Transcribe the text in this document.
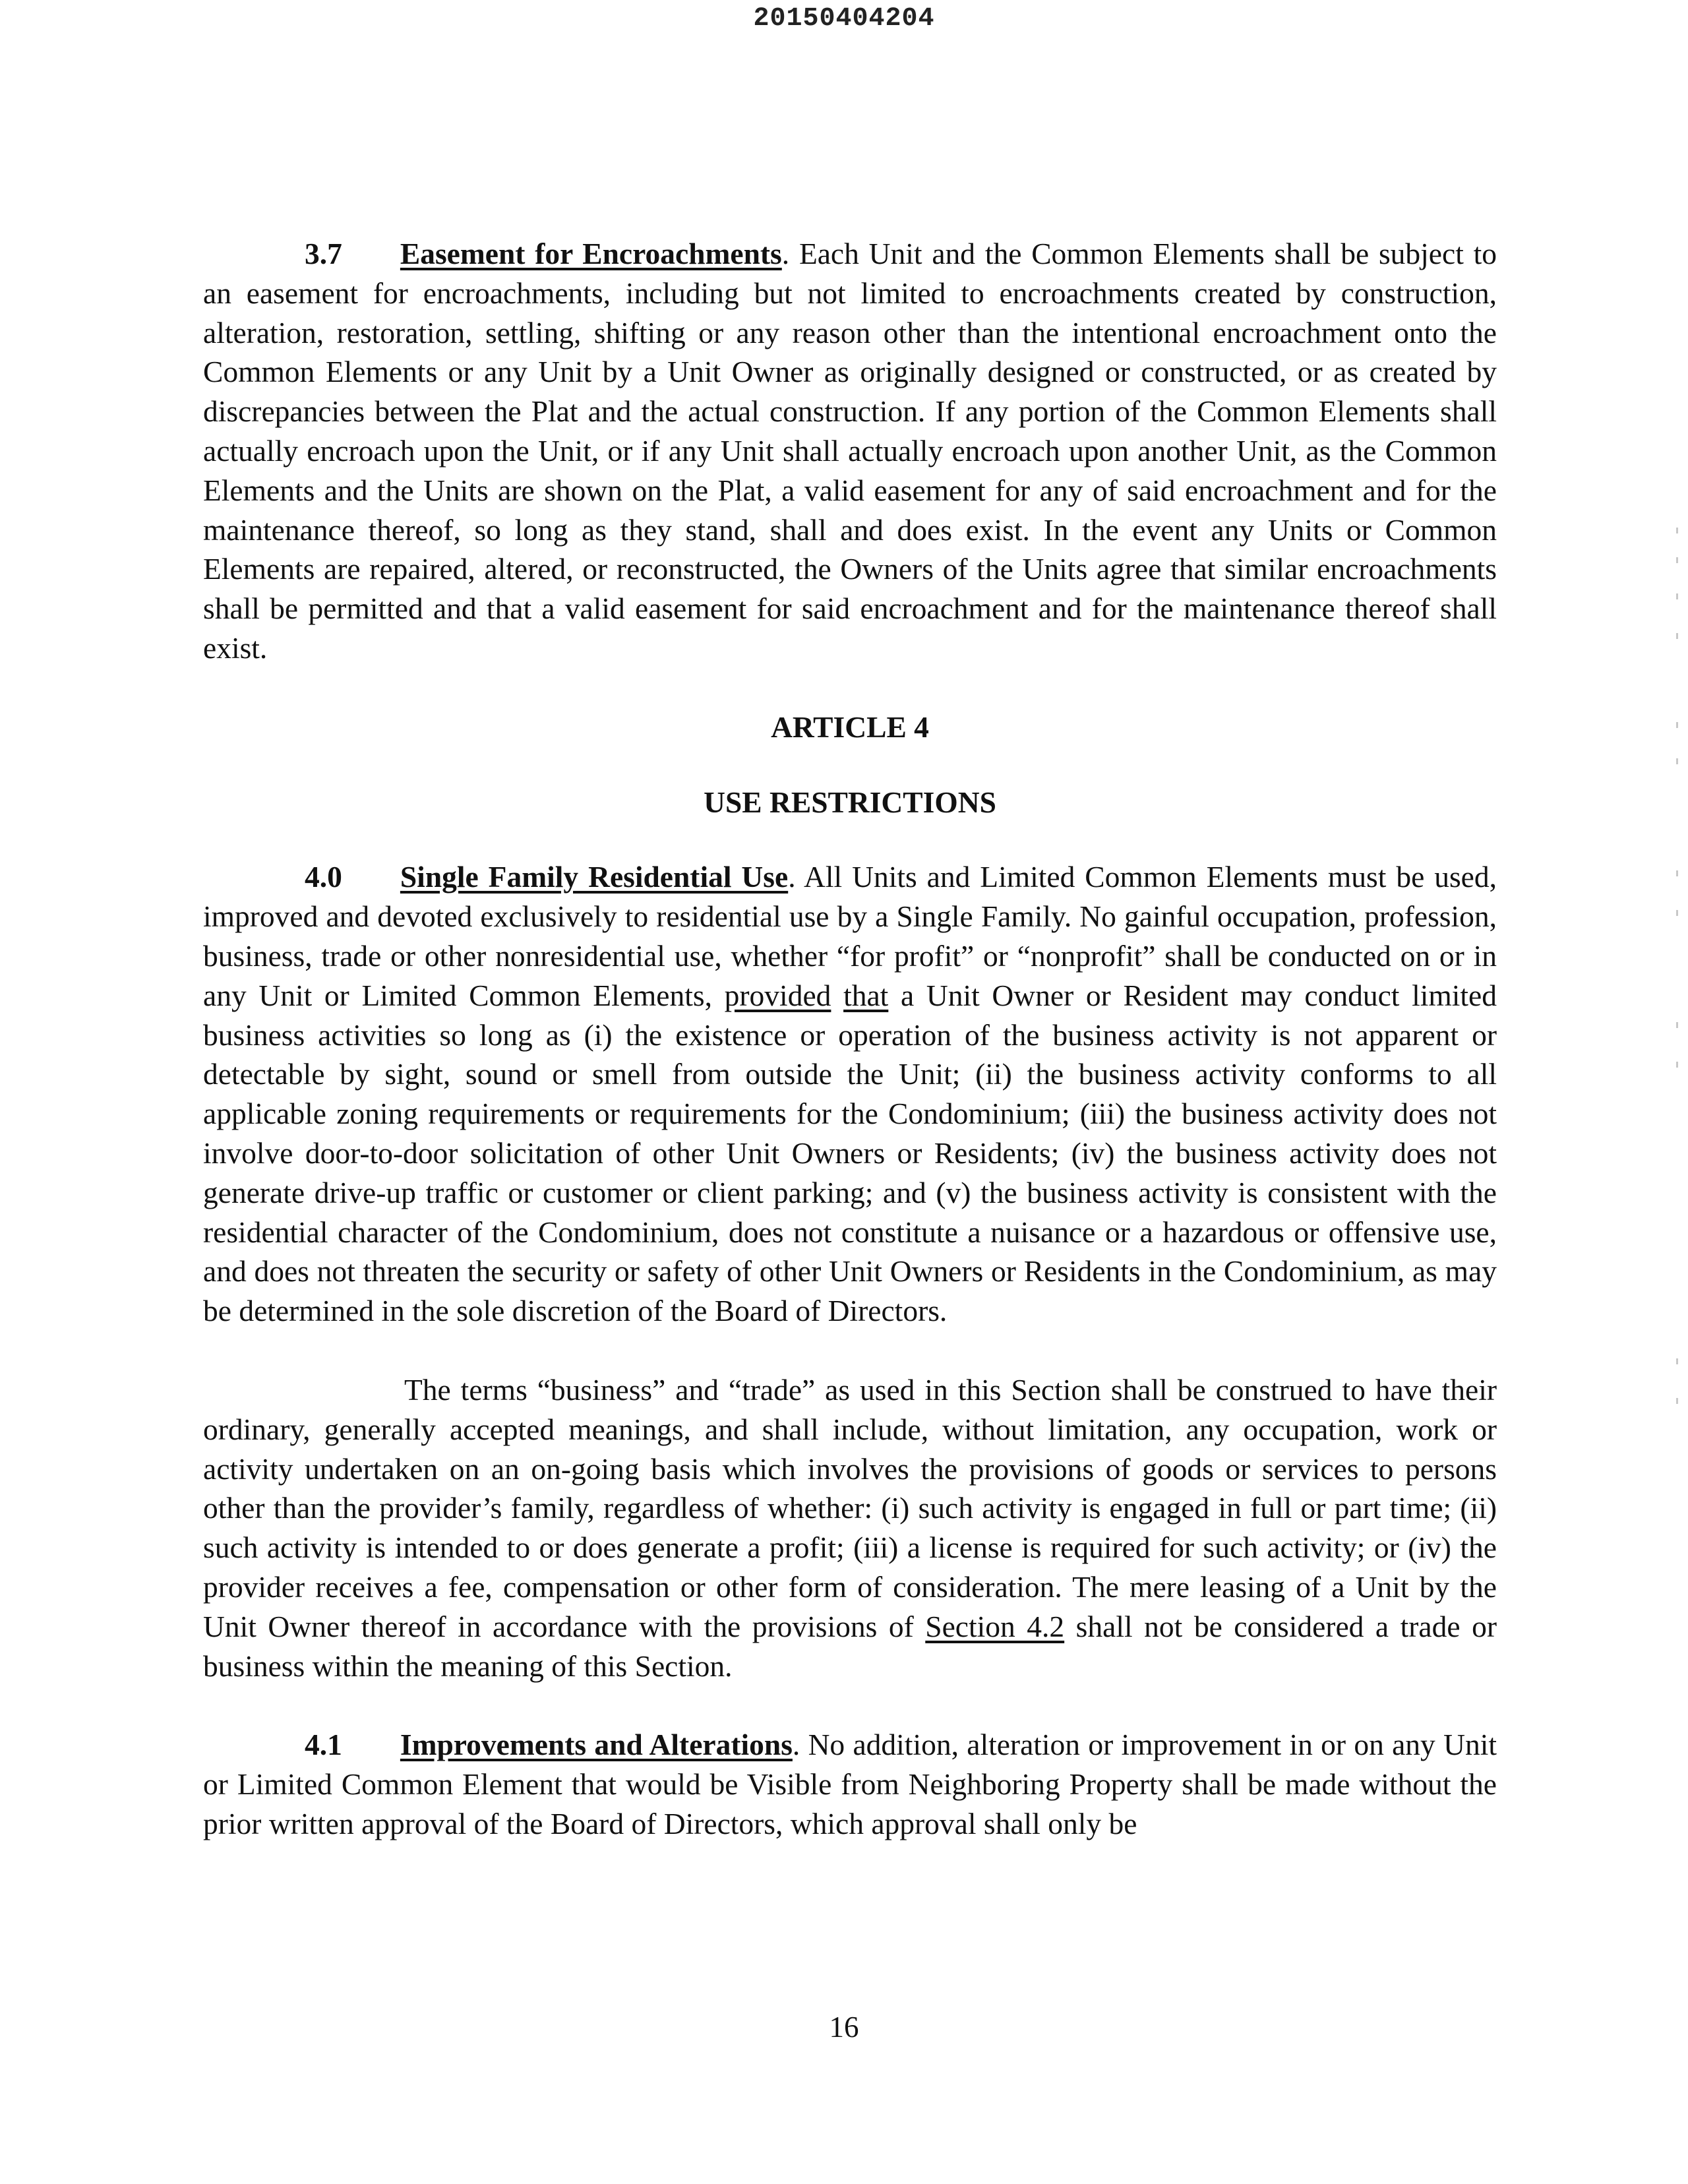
20150404204

3.7 Easement for Encroachments. Each Unit and the Common Elements shall be subject to an easement for encroachments, including but not limited to encroachments created by construction, alteration, restoration, settling, shifting or any reason other than the intentional encroachment onto the Common Elements or any Unit by a Unit Owner as originally designed or constructed, or as created by discrepancies between the Plat and the actual construction. If any portion of the Common Elements shall actually encroach upon the Unit, or if any Unit shall actually encroach upon another Unit, as the Common Elements and the Units are shown on the Plat, a valid easement for any of said encroachment and for the maintenance thereof, so long as they stand, shall and does exist. In the event any Units or Common Elements are repaired, altered, or reconstructed, the Owners of the Units agree that similar encroachments shall be permitted and that a valid easement for said encroachment and for the maintenance thereof shall exist.

ARTICLE 4

USE RESTRICTIONS

4.0 Single Family Residential Use. All Units and Limited Common Elements must be used, improved and devoted exclusively to residential use by a Single Family. No gainful occupation, profession, business, trade or other nonresidential use, whether “for profit” or “nonprofit” shall be conducted on or in any Unit or Limited Common Elements, provided that a Unit Owner or Resident may conduct limited business activities so long as (i) the existence or operation of the business activity is not apparent or detectable by sight, sound or smell from outside the Unit; (ii) the business activity conforms to all applicable zoning requirements or requirements for the Condominium; (iii) the business activity does not involve door-to-door solicitation of other Unit Owners or Residents; (iv) the business activity does not generate drive-up traffic or customer or client parking; and (v) the business activity is consistent with the residential character of the Condominium, does not constitute a nuisance or a hazardous or offensive use, and does not threaten the security or safety of other Unit Owners or Residents in the Condominium, as may be determined in the sole discretion of the Board of Directors.

The terms “business” and “trade” as used in this Section shall be construed to have their ordinary, generally accepted meanings, and shall include, without limitation, any occupation, work or activity undertaken on an on-going basis which involves the provisions of goods or services to persons other than the provider’s family, regardless of whether: (i) such activity is engaged in full or part time; (ii) such activity is intended to or does generate a profit; (iii) a license is required for such activity; or (iv) the provider receives a fee, compensation or other form of consideration. The mere leasing of a Unit by the Unit Owner thereof in accordance with the provisions of Section 4.2 shall not be considered a trade or business within the meaning of this Section.

4.1 Improvements and Alterations. No addition, alteration or improvement in or on any Unit or Limited Common Element that would be Visible from Neighboring Property shall be made without the prior written approval of the Board of Directors, which approval shall only be

16
